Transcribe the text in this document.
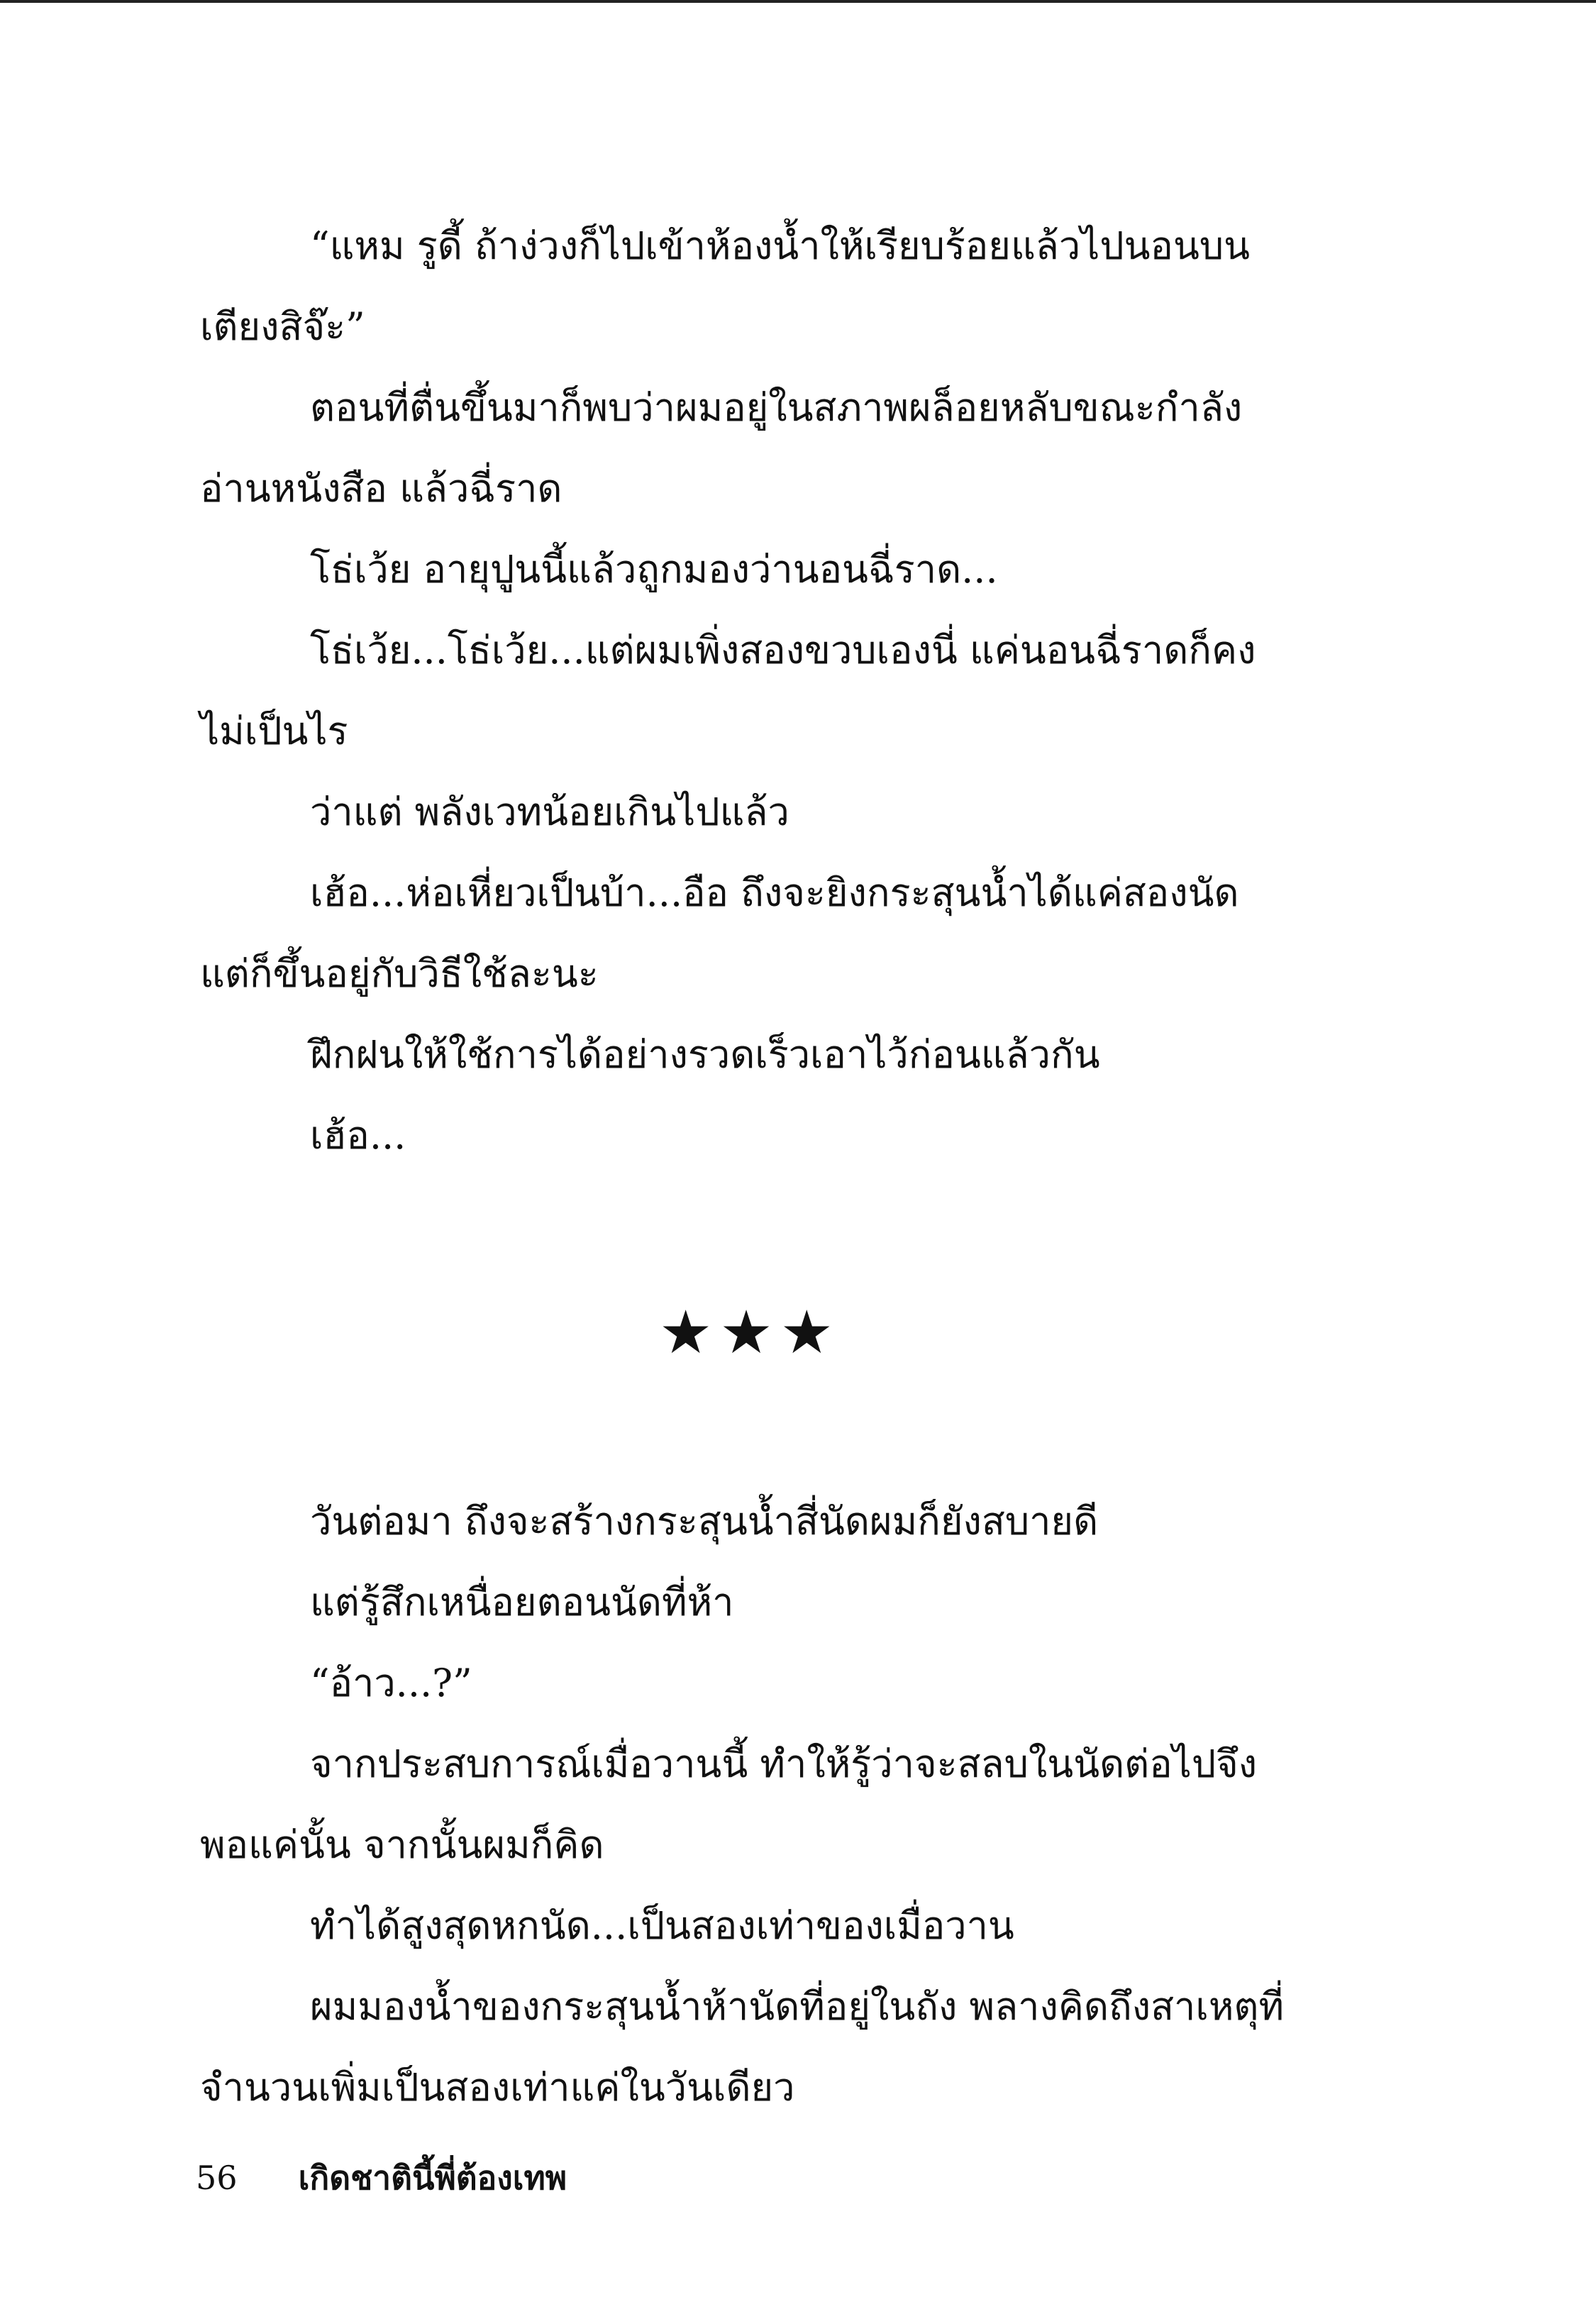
“แหม รูดี้ ถ้าง่วงก็ไปเข้าห้องน้ำให้เรียบร้อยแล้วไปนอนบนเตียงสิจ๊ะ”

ตอนที่ตื่นขึ้นมาก็พบว่าผมอยู่ในสภาพผล็อยหลับขณะกำลังอ่านหนังสือ แล้วฉี่ราด

โธ่เว้ย อายุปูนนี้แล้วถูกมองว่านอนฉี่ราด...

โธ่เว้ย...โธ่เว้ย...แต่ผมเพิ่งสองขวบเองนี่ แค่นอนฉี่ราดก็คงไม่เป็นไร

ว่าแต่ พลังเวทน้อยเกินไปแล้ว

เฮ้อ...ห่อเหี่ยวเป็นบ้า...อือ ถึงจะยิงกระสุนน้ำได้แค่สองนัด แต่ก็ขึ้นอยู่กับวิธีใช้ละนะ

ฝึกฝนให้ใช้การได้อย่างรวดเร็วเอาไว้ก่อนแล้วกัน

เฮ้อ...

★★★

วันต่อมา ถึงจะสร้างกระสุนน้ำสี่นัดผมก็ยังสบายดี

แต่รู้สึกเหนื่อยตอนนัดที่ห้า

“อ้าว...?”

จากประสบการณ์เมื่อวานนี้ ทำให้รู้ว่าจะสลบในนัดต่อไปจึงพอแค่นั้น จากนั้นผมก็คิด

ทำได้สูงสุดหกนัด...เป็นสองเท่าของเมื่อวาน

ผมมองน้ำของกระสุนน้ำห้านัดที่อยู่ในถัง พลางคิดถึงสาเหตุที่จำนวนเพิ่มเป็นสองเท่าแค่ในวันเดียว

56 เกิดชาตินี้พี่ต้องเทพ
